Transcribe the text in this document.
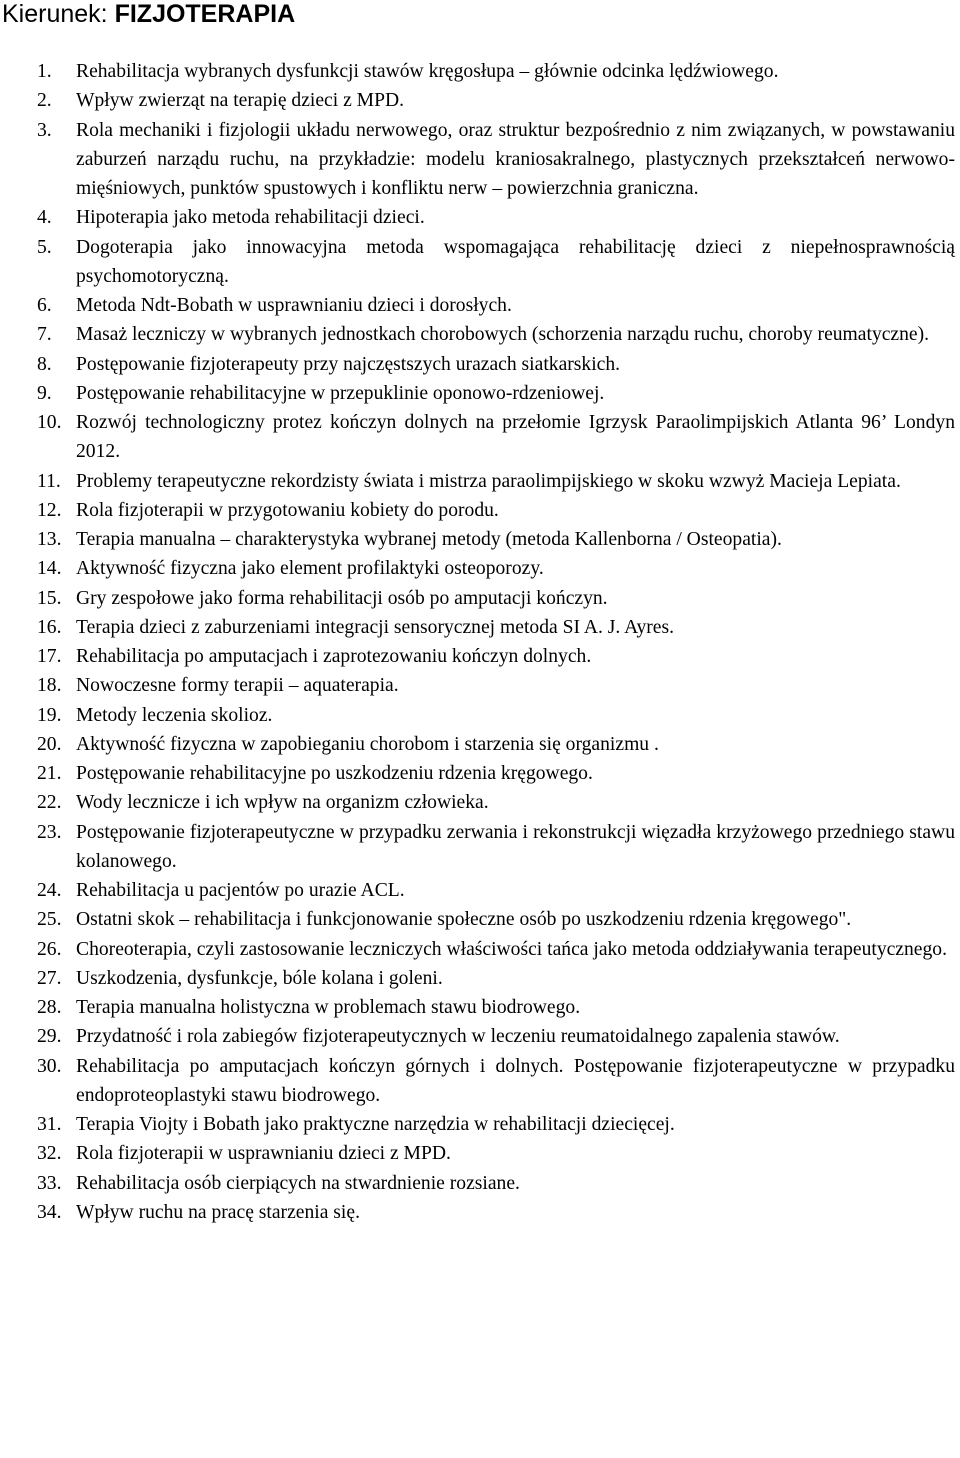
Kierunek: FIZJOTERAPIA
1. Rehabilitacja wybranych dysfunkcji stawów kręgosłupa – głównie odcinka lędźwiowego.
2. Wpływ zwierząt na terapię dzieci z MPD.
3. Rola mechaniki i fizjologii układu nerwowego, oraz struktur bezpośrednio z nim związanych, w powstawaniu zaburzeń narządu ruchu, na przykładzie: modelu kraniosakralnego, plastycznych przekształceń nerwowo-mięśniowych, punktów spustowych i konfliktu nerw – powierzchnia graniczna.
4. Hipoterapia jako metoda rehabilitacji dzieci.
5. Dogoterapia jako innowacyjna metoda wspomagająca rehabilitację dzieci z niepełnosprawnością psychomotoryczną.
6. Metoda Ndt-Bobath w usprawnianiu dzieci i dorosłych.
7. Masaż leczniczy w wybranych jednostkach chorobowych (schorzenia narządu ruchu, choroby reumatyczne).
8. Postępowanie fizjoterapeuty przy najczęstszych urazach siatkarskich.
9. Postępowanie rehabilitacyjne w przepuklinie oponowo-rdzeniowej.
10. Rozwój technologiczny protez kończyn dolnych na przełomie Igrzysk Paraolimpijskich Atlanta 96’ Londyn 2012.
11. Problemy terapeutyczne rekordzisty świata i mistrza paraolimpijskiego w skoku wzwyż Macieja Lepiata.
12. Rola fizjoterapii w przygotowaniu kobiety do porodu.
13. Terapia manualna – charakterystyka wybranej metody (metoda Kallenborna / Osteopatia).
14. Aktywność fizyczna jako element profilaktyki osteoporozy.
15. Gry zespołowe jako forma rehabilitacji osób po amputacji kończyn.
16. Terapia dzieci z zaburzeniami integracji sensorycznej metoda SI A. J. Ayres.
17. Rehabilitacja po amputacjach i zaprotezowaniu kończyn dolnych.
18. Nowoczesne formy terapii – aquaterapia.
19. Metody leczenia skolioz.
20. Aktywność fizyczna w zapobieganiu chorobom i starzenia się organizmu .
21. Postępowanie rehabilitacyjne po uszkodzeniu rdzenia kręgowego.
22. Wody lecznicze i ich wpływ na organizm człowieka.
23. Postępowanie fizjoterapeutyczne w przypadku zerwania i rekonstrukcji więzadła krzyżowego przedniego stawu kolanowego.
24. Rehabilitacja u pacjentów po urazie ACL.
25. Ostatni skok – rehabilitacja i funkcjonowanie społeczne osób po uszkodzeniu rdzenia kręgowego".
26. Choreoterapia, czyli zastosowanie leczniczych właściwości tańca jako metoda oddziaływania terapeutycznego.
27. Uszkodzenia, dysfunkcje, bóle kolana i goleni.
28. Terapia manualna holistyczna w problemach stawu biodrowego.
29. Przydatność i rola zabiegów fizjoterapeutycznych w leczeniu reumatoidalnego zapalenia stawów.
30. Rehabilitacja po amputacjach kończyn górnych i dolnych. Postępowanie fizjoterapeutyczne w przypadku endoproteoplastyki stawu biodrowego.
31. Terapia Viojty i Bobath jako praktyczne narzędzia w rehabilitacji dziecięcej.
32. Rola fizjoterapii w usprawnianiu dzieci z MPD.
33. Rehabilitacja osób cierpiących na stwardnienie rozsiane.
34. Wpływ ruchu na pracę starzenia się.
